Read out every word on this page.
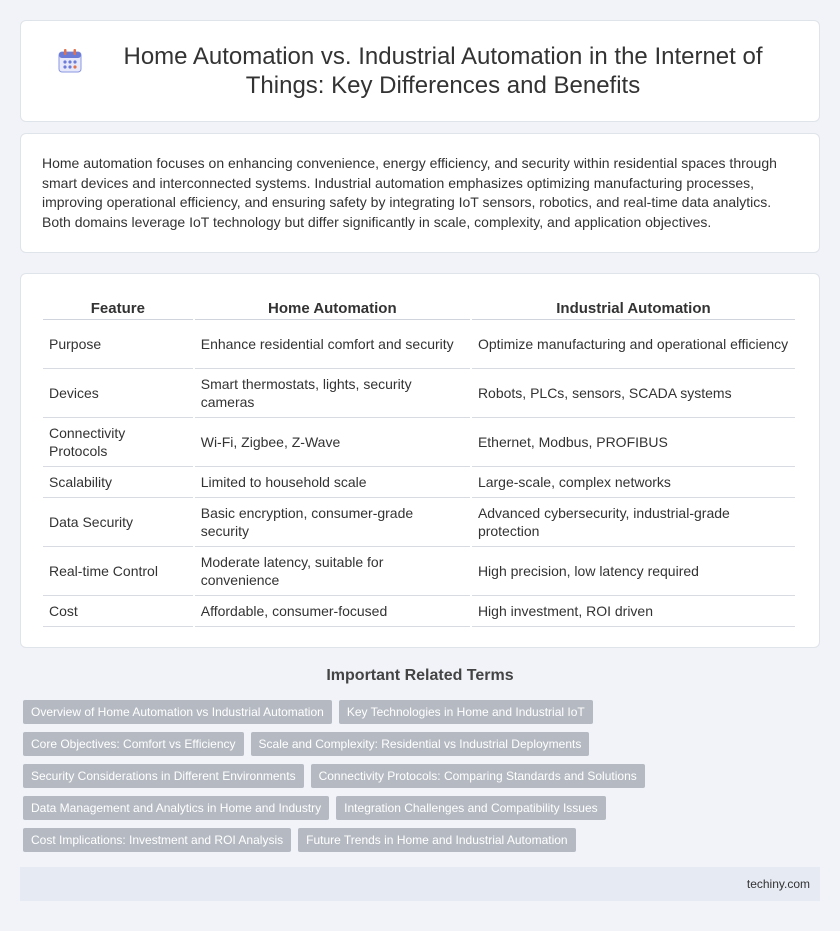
Home Automation vs. Industrial Automation in the Internet of Things: Key Differences and Benefits

Home automation focuses on enhancing convenience, energy efficiency, and security within residential spaces through smart devices and interconnected systems. Industrial automation emphasizes optimizing manufacturing processes, improving operational efficiency, and ensuring safety by integrating IoT sensors, robotics, and real-time data analytics. Both domains leverage IoT technology but differ significantly in scale, complexity, and application objectives.

Feature	Home Automation	Industrial Automation
Purpose	Enhance residential comfort and security	Optimize manufacturing and operational efficiency
Devices	Smart thermostats, lights, security cameras	Robots, PLCs, sensors, SCADA systems
Connectivity Protocols	Wi-Fi, Zigbee, Z-Wave	Ethernet, Modbus, PROFIBUS
Scalability	Limited to household scale	Large-scale, complex networks
Data Security	Basic encryption, consumer-grade security	Advanced cybersecurity, industrial-grade protection
Real-time Control	Moderate latency, suitable for convenience	High precision, low latency required
Cost	Affordable, consumer-focused	High investment, ROI driven
Important Related Terms
Overview of Home Automation vs Industrial Automation	Key Technologies in Home and Industrial IoT
Core Objectives: Comfort vs Efficiency	Scale and Complexity: Residential vs Industrial Deployments
Security Considerations in Different Environments	Connectivity Protocols: Comparing Standards and Solutions
Data Management and Analytics in Home and Industry	Integration Challenges and Compatibility Issues
Cost Implications: Investment and ROI Analysis	Future Trends in Home and Industrial Automation
techiny.com
